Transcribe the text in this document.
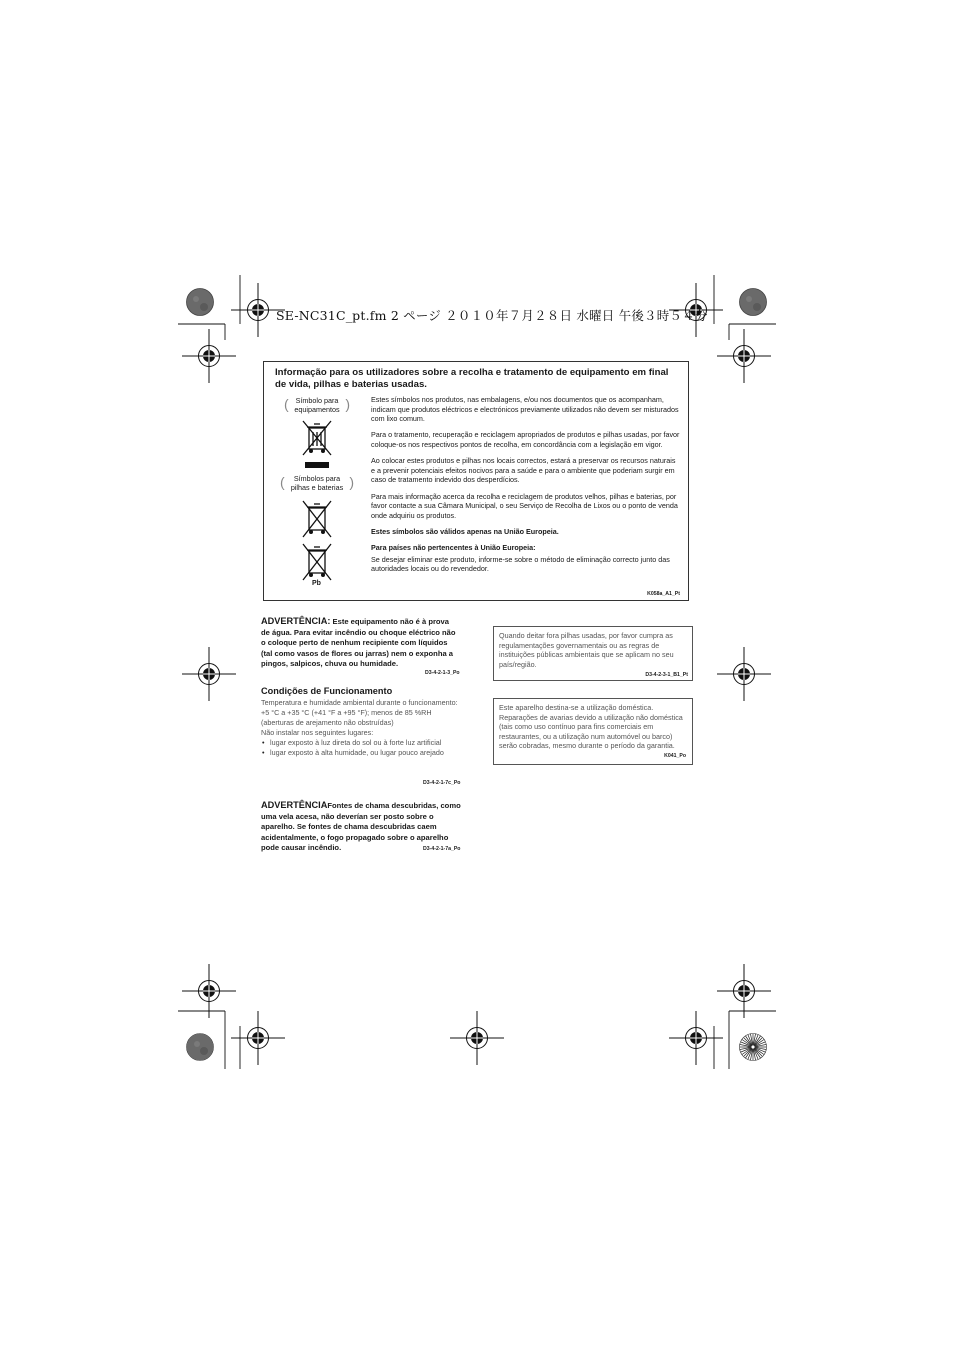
SE-NC31C_pt.fm 2 ページ ２０１０年７月２８日 水曜日 午後３時５４分
Informação para os utilizadores sobre a recolha e tratamento de equipamento em final de vida, pilhas e baterias usadas.
( Símbolo para
equipamentos )
(	Símbolos para
pilhas e baterias )
Pb

Estes símbolos nos produtos, nas embalagens, e/ou nos documentos que os acompanham, indicam que produtos eléctricos e electrónicos previamente utilizados não devem ser misturados com lixo comum.

Para o tratamento, recuperação e reciclagem apropriados de produtos e pilhas usadas, por favor coloque-os nos respectivos pontos de recolha, em concordância com a legislação em vigor.

Ao colocar estes produtos e pilhas nos locais correctos, estará a preservar os recursos naturais e a prevenir potenciais efeitos nocivos para a saúde e para o ambiente que poderiam surgir em caso de tratamento indevido dos desperdícios.

Para mais informação acerca da recolha e reciclagem de produtos velhos, pilhas e baterias, por favor contacte a sua Câmara Municipal, o seu Serviço de Recolha de Lixos ou o ponto de venda onde adquiriu os produtos.

Estes símbolos são válidos apenas na União Europeia.

Para países não pertencentes à União Europeia:

Se desejar eliminar este produto, informe-se sobre o método de eliminação correcto junto das autoridades locais ou do revendedor.

K058a_A1_Pt
ADVERTÊNCIA: Este equipamento não é à prova de água. Para evitar incêndio ou choque eléctrico não o coloque perto de nenhum recipiente com líquidos (tal como vasos de flores ou jarras) nem o exponha a pingos, salpicos, chuva ou humidade.
D3-4-2-1-3_Po
Condições de Funcionamento
Temperatura e humidade ambiental durante o funcionamento:
+5 °C a +35 °C (+41 °F a +95 °F); menos de 85 %RH (aberturas de arejamento não obstruídas)
Não instalar nos seguintes lugares:
• lugar exposto à luz direta do sol ou à forte luz artificial
• lugar exposto à alta humidade, ou lugar pouco arejado
D3-4-2-1-7c_Po
ADVERTÊNCIAFontes de chama descubridas, como uma vela acesa, não deverían ser posto sobre o aparelho. Se fontes de chama descubridas caem acidentalmente, o fogo propagado sobre o aparelho pode causar incêndio.	D3-4-2-1-7a_Po
Quando deitar fora pilhas usadas, por favor cumpra as regulamentações governamentais ou as regras de instituições públicas ambientais que se aplicam no seu país/região.
D3-4-2-3-1_B1_Pt
Este aparelho destina-se a utilização doméstica. Reparações de avarias devido a utilização não doméstica (tais como uso contínuo para fins comerciais em restaurantes, ou a utilização num automóvel ou barco) serão cobradas, mesmo durante o período da garantia.
K041_Po
